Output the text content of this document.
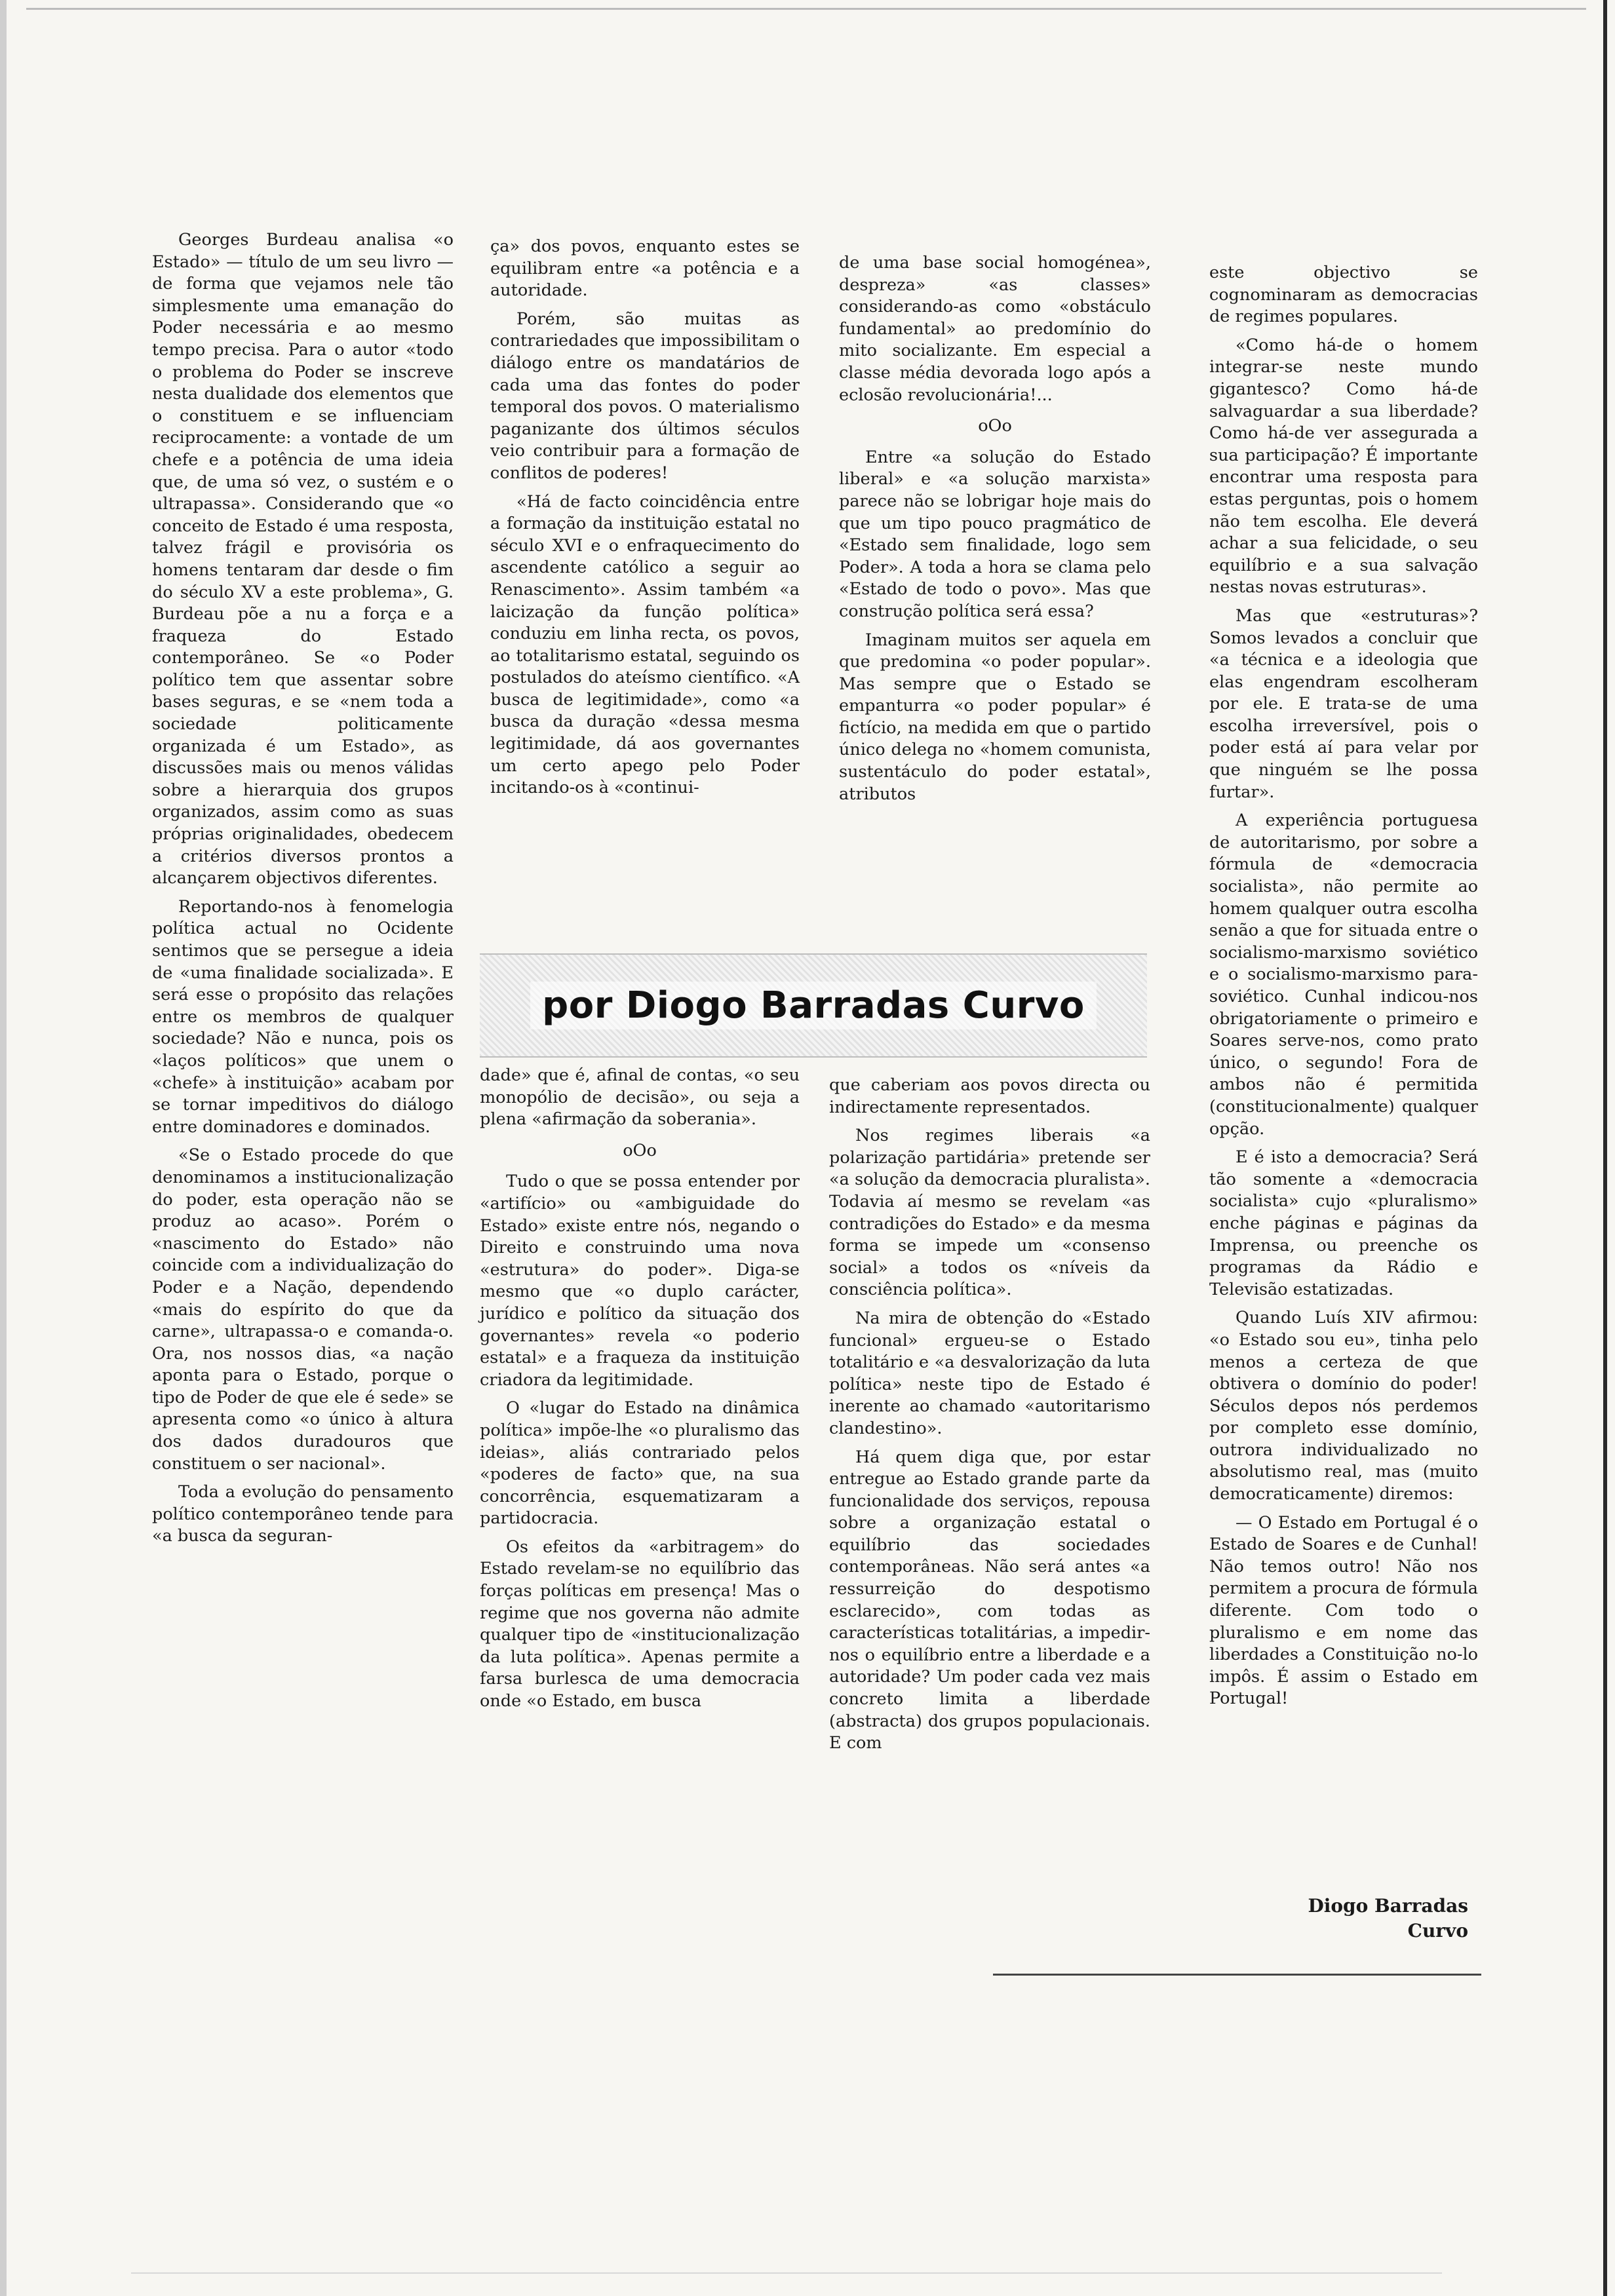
Georges Burdeau analisa «o Estado» — título de um seu livro — de forma que vejamos nele tão simplesmente uma emanação do Poder necessária e ao mesmo tempo precisa. Para o autor «todo o problema do Poder se inscreve nesta dualidade dos elementos que o constituem e se influenciam reciprocamente: a vontade de um chefe e a potência de uma ideia que, de uma só vez, o sustém e o ultrapassa». Considerando que «o conceito de Estado é uma resposta, talvez frágil e provisória os homens tentaram dar desde o fim do século XV a este problema», G. Burdeau põe a nu a força e a fraqueza do Estado contemporâneo. Se «o Poder político tem que assentar sobre bases seguras, e se «nem toda a sociedade politicamente organizada é um Estado», as discussões mais ou menos válidas sobre a hierarquia dos grupos organizados, assim como as suas próprias originalidades, obedecem a critérios diversos prontos a alcançarem objectivos diferentes.

Reportando-nos à fenomelogia política actual no Ocidente sentimos que se persegue a ideia de «uma finalidade socializada». E será esse o propósito das relações entre os membros de qualquer sociedade? Não e nunca, pois os «laços políticos» que unem o «chefe» à instituição» acabam por se tornar impeditivos do diálogo entre dominadores e dominados.

«Se o Estado procede do que denominamos a institucionalização do poder, esta operação não se produz ao acaso». Porém o «nascimento do Estado» não coincide com a individualização do Poder e a Nação, dependendo «mais do espírito do que da carne», ultrapassa-o e comanda-o. Ora, nos nossos dias, «a nação aponta para o Estado, porque o tipo de Poder de que ele é sede» se apresenta como «o único à altura dos dados duradouros que constituem o ser nacional».

Toda a evolução do pensamento político contemporâneo tende para «a busca da seguran-

ça» dos povos, enquanto estes se equilibram entre «a potência e a autoridade.

Porém, são muitas as contrariedades que impossibilitam o diálogo entre os mandatários de cada uma das fontes do poder temporal dos povos. O materialismo paganizante dos últimos séculos veio contribuir para a formação de conflitos de poderes!

«Há de facto coincidência entre a formação da instituição estatal no século XVI e o enfraquecimento do ascendente católico a seguir ao Renascimento». Assim também «a laicização da função política» conduziu em linha recta, os povos, ao totalitarismo estatal, seguindo os postulados do ateísmo científico. «A busca de legitimidade», como «a busca da duração «dessa mesma legitimidade, dá aos governantes um certo apego pelo Poder incitando-os à «continui-

de uma base social homogénea», despreza» «as classes» considerando-as como «obstáculo fundamental» ao predomínio do mito socializante. Em especial a classe média devorada logo após a eclosão revolucionária!...

oOo

Entre «a solução do Estado liberal» e «a solução marxista» parece não se lobrigar hoje mais do que um tipo pouco pragmático de «Estado sem finalidade, logo sem Poder». A toda a hora se clama pelo «Estado de todo o povo». Mas que construção política será essa?

Imaginam muitos ser aquela em que predomina «o poder popular». Mas sempre que o Estado se empanturra «o poder popular» é fictício, na medida em que o partido único delega no «homem comunista, sustentáculo do poder estatal», atributos

por Diogo Barradas Curvo

dade» que é, afinal de contas, «o seu monopólio de decisão», ou seja a plena «afirmação da soberania».

oOo

Tudo o que se possa entender por «artifício» ou «ambiguidade do Estado» existe entre nós, negando o Direito e construindo uma nova «estrutura» do poder». Diga-se mesmo que «o duplo carácter, jurídico e político da situação dos governantes» revela «o poderio estatal» e a fraqueza da instituição criadora da legitimidade.

O «lugar do Estado na dinâmica política» impõe-lhe «o pluralismo das ideias», aliás contrariado pelos «poderes de facto» que, na sua concorrência, esquematizaram a partidocracia.

Os efeitos da «arbitragem» do Estado revelam-se no equilíbrio das forças políticas em presença! Mas o regime que nos governa não admite qualquer tipo de «institucionalização da luta política». Apenas permite a farsa burlesca de uma democracia onde «o Estado, em busca

que caberiam aos povos directa ou indirectamente representados.

Nos regimes liberais «a polarização partidária» pretende ser «a solução da democracia pluralista». Todavia aí mesmo se revelam «as contradições do Estado» e da mesma forma se impede um «consenso social» a todos os «níveis da consciência política».

Na mira de obtenção do «Estado funcional» ergueu-se o Estado totalitário e «a desvalorização da luta política» neste tipo de Estado é inerente ao chamado «autoritarismo clandestino».

Há quem diga que, por estar entregue ao Estado grande parte da funcionalidade dos serviços, repousa sobre a organização estatal o equilíbrio das sociedades contemporâneas. Não será antes «a ressurreição do despotismo esclarecido», com todas as características totalitárias, a impedir-nos o equilíbrio entre a liberdade e a autoridade? Um poder cada vez mais concreto limita a liberdade (abstracta) dos grupos populacionais. E com

este objectivo se cognominaram as democracias de regimes populares.

«Como há-de o homem integrar-se neste mundo gigantesco? Como há-de salvaguardar a sua liberdade? Como há-de ver assegurada a sua participação? É importante encontrar uma resposta para estas perguntas, pois o homem não tem escolha. Ele deverá achar a sua felicidade, o seu equilíbrio e a sua salvação nestas novas estruturas».

Mas que «estruturas»? Somos levados a concluir que «a técnica e a ideologia que elas engendram escolheram por ele. E trata-se de uma escolha irreversível, pois o poder está aí para velar por que ninguém se lhe possa furtar».

A experiência portuguesa de autoritarismo, por sobre a fórmula de «democracia socialista», não permite ao homem qualquer outra escolha senão a que for situada entre o socialismo-marxismo soviético e o socialismo-marxismo para-soviético. Cunhal indicou-nos obrigatoriamente o primeiro e Soares serve-nos, como prato único, o segundo! Fora de ambos não é permitida (constitucionalmente) qualquer opção.

E é isto a democracia? Será tão somente a «democracia socialista» cujo «pluralismo» enche páginas e páginas da Imprensa, ou preenche os programas da Rádio e Televisão estatizadas.

Quando Luís XIV afirmou: «o Estado sou eu», tinha pelo menos a certeza de que obtivera o domínio do poder! Séculos depos nós perdemos por completo esse domínio, outrora individualizado no absolutismo real, mas (muito democraticamente) diremos:

— O Estado em Portugal é o Estado de Soares e de Cunhal! Não temos outro! Não nos permitem a procura de fórmula diferente. Com todo o pluralismo e em nome das liberdades a Constituição no-lo impôs. É assim o Estado em Portugal!

Diogo Barradas Curvo
